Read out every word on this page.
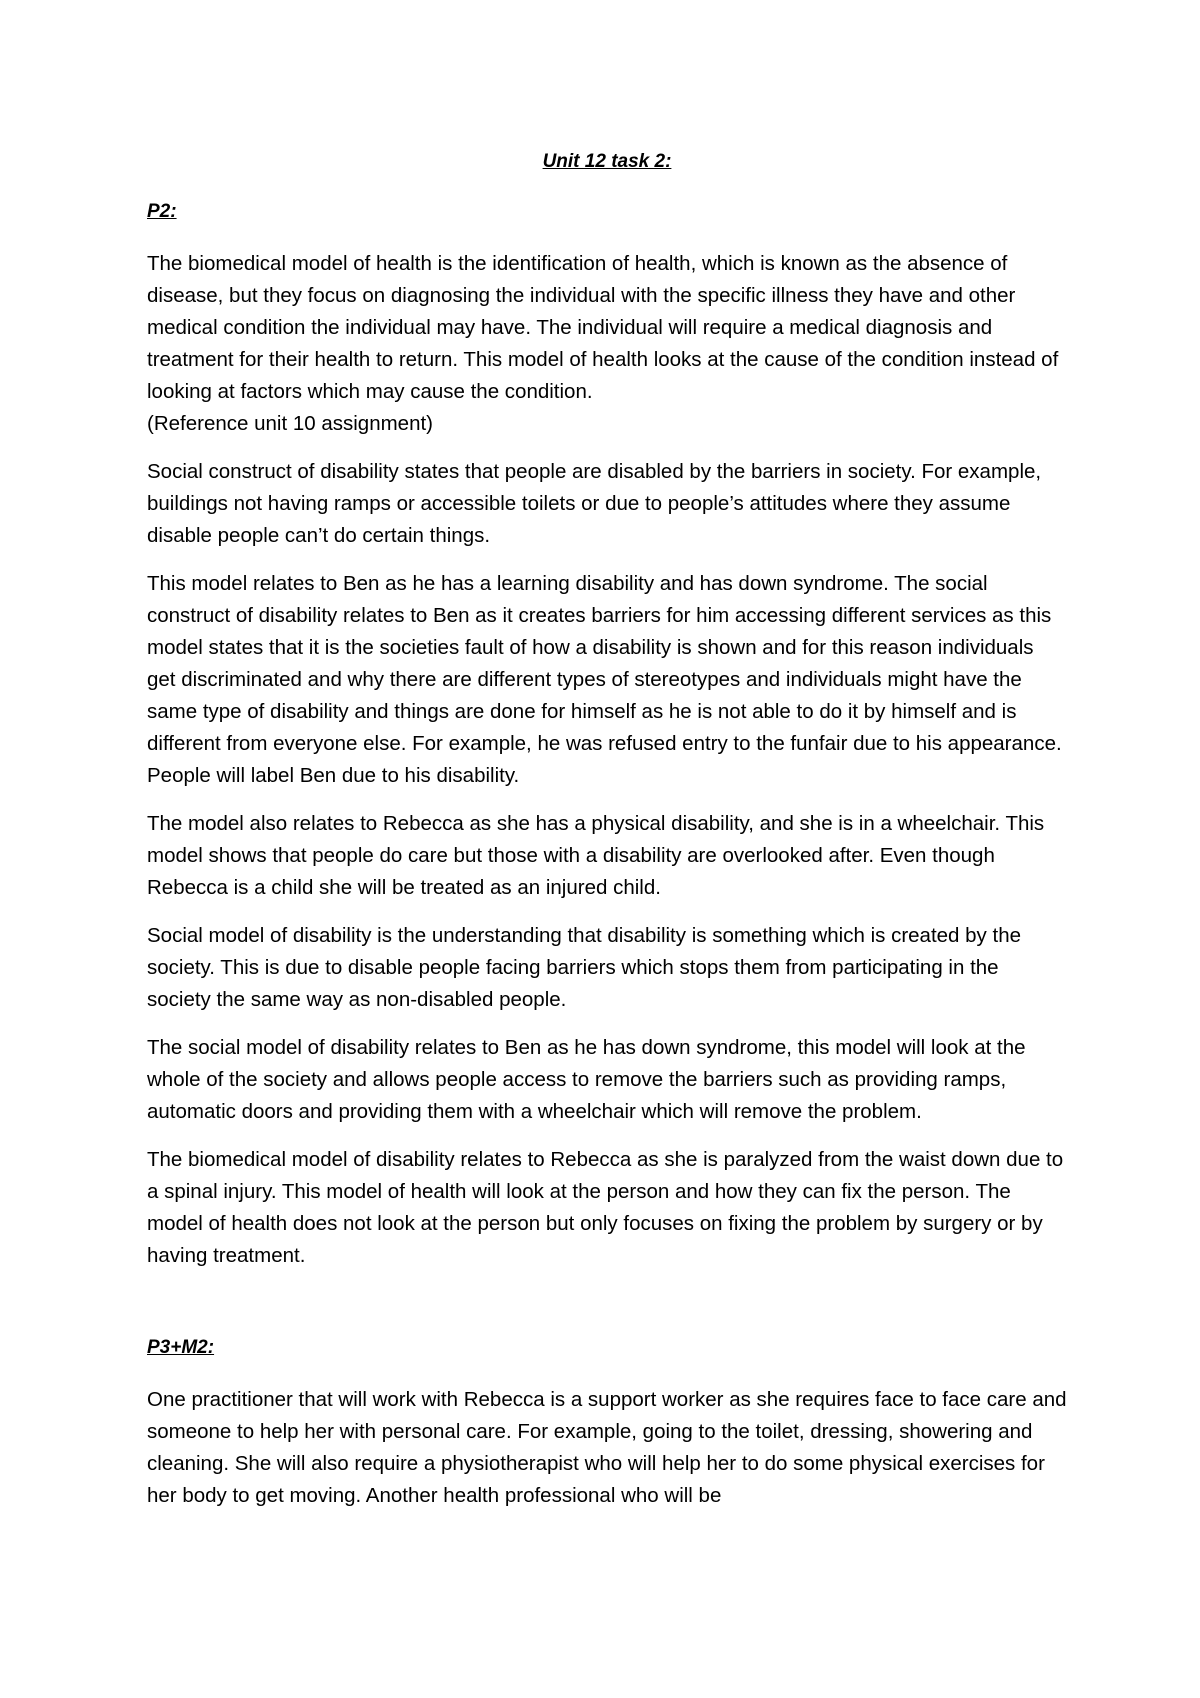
Unit 12 task 2:
P2:

The biomedical model of health is the identification of health, which is known as the absence of disease, but they focus on diagnosing the individual with the specific illness they have and other medical condition the individual may have. The individual will require a medical diagnosis and treatment for their health to return. This model of health looks at the cause of the condition instead of looking at factors which may cause the condition.

(Reference unit 10 assignment)

Social construct of disability states that people are disabled by the barriers in society. For example, buildings not having ramps or accessible toilets or due to people’s attitudes where they assume disable people can’t do certain things.

This model relates to Ben as he has a learning disability and has down syndrome. The social construct of disability relates to Ben as it creates barriers for him accessing different services as this model states that it is the societies fault of how a disability is shown and for this reason individuals get discriminated and why there are different types of stereotypes and individuals might have the same type of disability and things are done for himself as he is not able to do it by himself and is different from everyone else. For example, he was refused entry to the funfair due to his appearance. People will label Ben due to his disability.

The model also relates to Rebecca as she has a physical disability, and she is in a wheelchair. This model shows that people do care but those with a disability are overlooked after. Even though Rebecca is a child she will be treated as an injured child.

Social model of disability is the understanding that disability is something which is created by the society. This is due to disable people facing barriers which stops them from participating in the society the same way as non-disabled people.

The social model of disability relates to Ben as he has down syndrome, this model will look at the whole of the society and allows people access to remove the barriers such as providing ramps, automatic doors and providing them with a wheelchair which will remove the problem.

The biomedical model of disability relates to Rebecca as she is paralyzed from the waist down due to a spinal injury. This model of health will look at the person and how they can fix the person. The model of health does not look at the person but only focuses on fixing the problem by surgery or by having treatment.

P3+M2:

One practitioner that will work with Rebecca is a support worker as she requires face to face care and someone to help her with personal care. For example, going to the toilet, dressing, showering and cleaning. She will also require a physiotherapist who will help her to do some physical exercises for her body to get moving. Another health professional who will be
